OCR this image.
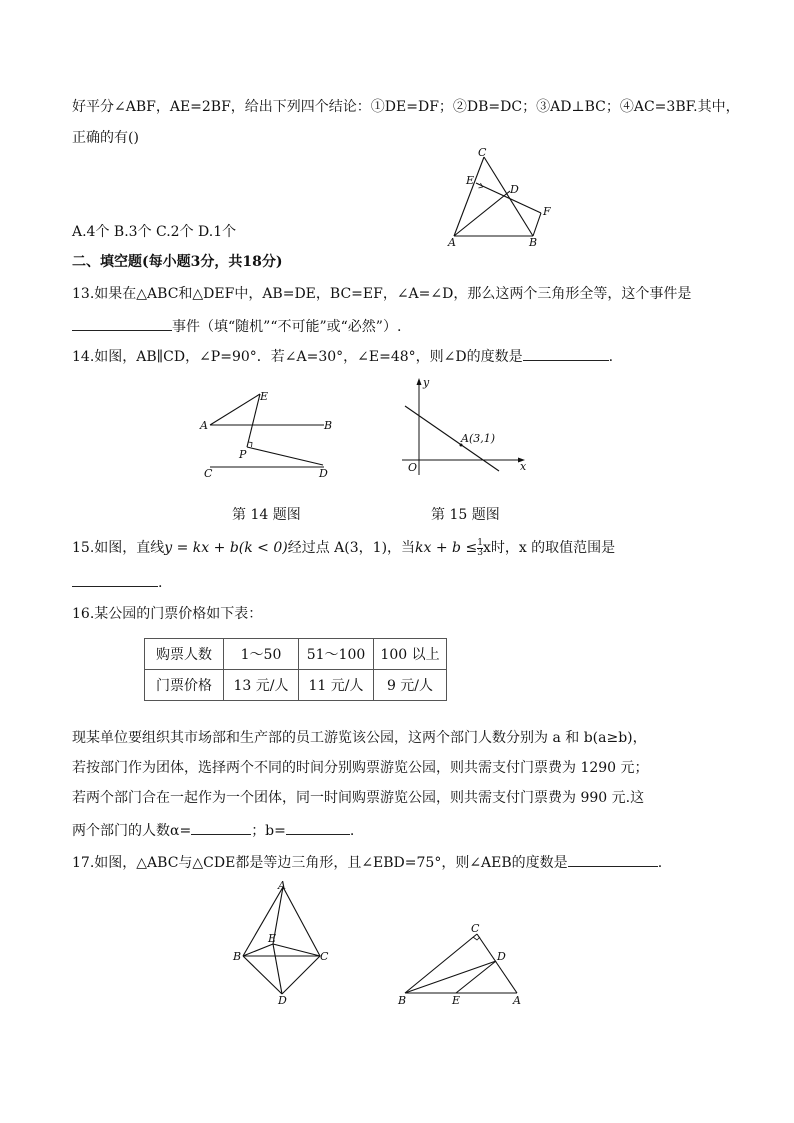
好平分∠ABF，AE=2BF，给出下列四个结论：①DE=DF；②DB=DC；③AD⊥BC；④AC=3BF.其中，
正确的有()
C
E
D
F
A	B
A.4个 B.3个 C.2个 D.1个
二、填空题(每小题3分，共18分)
13.如果在△ABC和△DEF中，AB=DE，BC=EF，∠A=∠D，那么这两个三角形全等，这个事件是
事件（填“随机”“不可能”或“必然”）.
14.如图，AB∥CD，∠P=90°．若∠A=30°，∠E=48°，则∠D的度数是	.
A
E
B
P
C	D
y
x
O
A(3,1)
第 14 题图	第 15 题图
15.如图，直线y = kx + b(k < 0)经过点 A(3，1)，当kx + $b \le \frac{1}{3}$ x时，x 的取值范围是
.
16.某公园的门票价格如下表：
购票人数	1～50	51～100	100 以上
门票价格	13 元/人	11 元/人	9 元/人
现某单位要组织其市场部和生产部的员工游览该公园，这两个部门人数分别为 a 和 b(a≥b)，
若按部门作为团体，选择两个不同的时间分别购票游览公园，则共需支付门票费为 1290 元；
若两个部门合在一起作为一个团体，同一时间购票游览公园，则共需支付门票费为 990 元.这
两个部门的人数α=	；b=	.
17.如图，△ABC与△CDE都是等边三角形，且∠EBD=75°，则∠AEB的度数是	.
A
B	C
E
D
C
D
B	E	A
